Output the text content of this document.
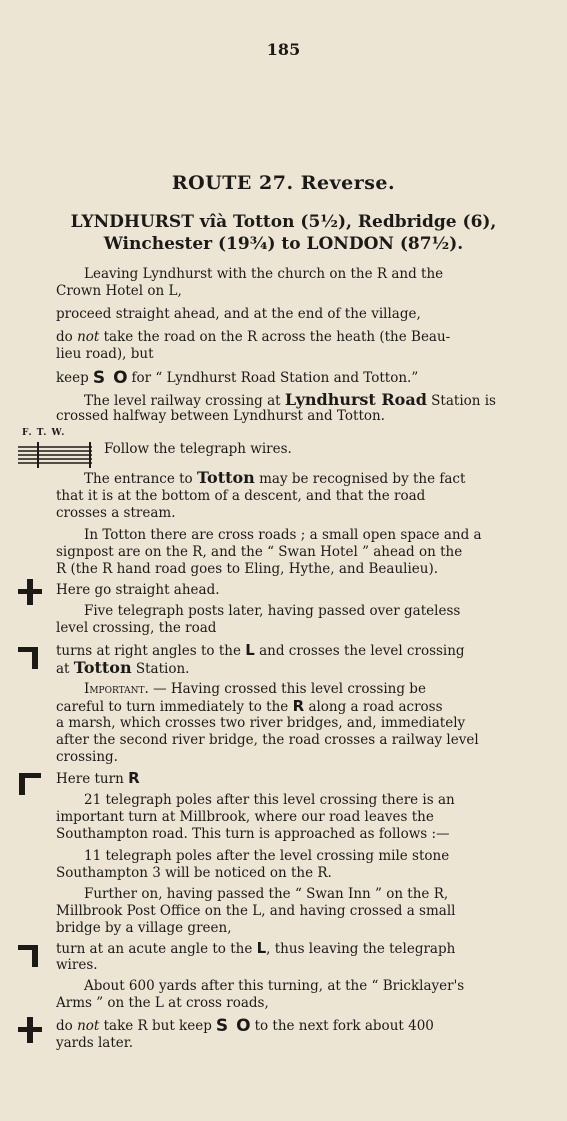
185
ROUTE 27. Reverse.
LYNDHURST vîà Totton (5½), Redbridge (6),
Winchester (19¾) to LONDON (87½).

Leaving Lyndhurst with the church on the R and the

Crown Hotel on L,

proceed straight ahead, and at the end of the village,

do not take the road on the R across the heath (the Beau-

lieu road), but

keep S O for “ Lyndhurst Road Station and Totton.”

The level railway crossing at Lyndhurst Road Station is

crossed halfway between Lyndhurst and Totton.

F. T. W.

Follow the telegraph wires.

The entrance to Totton may be recognised by the fact

that it is at the bottom of a descent, and that the road

crosses a stream.

In Totton there are cross roads ; a small open space and a

signpost are on the R, and the “ Swan Hotel ” ahead on the

R (the R hand road goes to Eling, Hythe, and Beaulieu).

Here go straight ahead.

Five telegraph posts later, having passed over gateless

level crossing, the road

turns at right angles to the L and crosses the level crossing

at Totton Station.

Important. — Having crossed this level crossing be

careful to turn immediately to the R along a road across

a marsh, which crosses two river bridges, and, immediately

after the second river bridge, the road crosses a railway level

crossing.

Here turn R

21 telegraph poles after this level crossing there is an

important turn at Millbrook, where our road leaves the

Southampton road. This turn is approached as follows :—

11 telegraph poles after the level crossing mile stone

Southampton 3 will be noticed on the R.

Further on, having passed the “ Swan Inn ” on the R,

Millbrook Post Office on the L, and having crossed a small

bridge by a village green,

turn at an acute angle to the L, thus leaving the telegraph

wires.

About 600 yards after this turning, at the “ Bricklayer's

Arms ” on the L at cross roads,

do not take R but keep S O to the next fork about 400

yards later.
